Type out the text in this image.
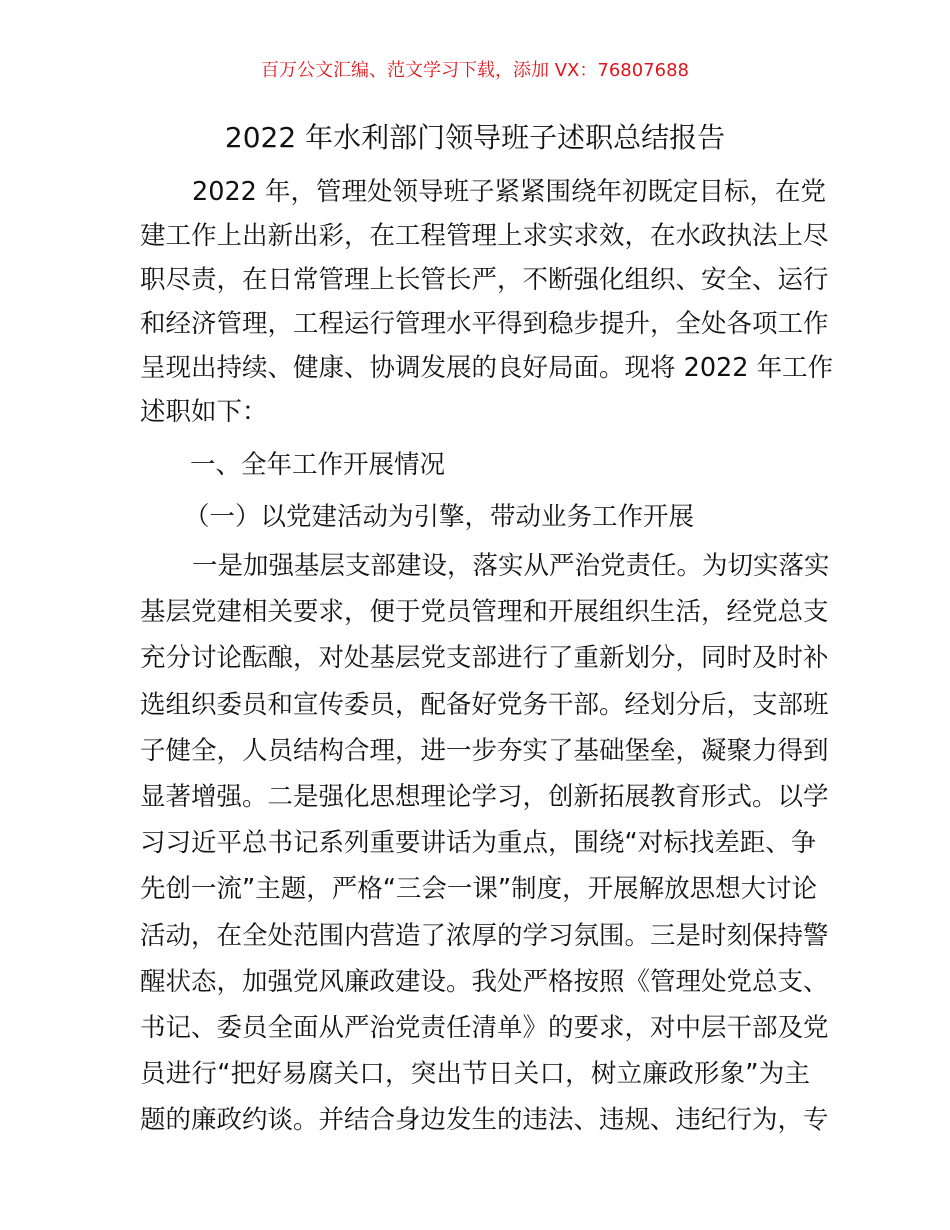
百万公文汇编、范文学习下载，添加 VX：76807688
2022 年水利部门领导班子述职总结报告
2022 年，管理处领导班子紧紧围绕年初既定目标，在党
建工作上出新出彩，在工程管理上求实求效，在水政执法上尽
职尽责，在日常管理上长管长严，不断强化组织、安全、运行
和经济管理，工程运行管理水平得到稳步提升，全处各项工作
呈现出持续、健康、协调发展的良好局面。现将 2022 年工作
述职如下：
一、全年工作开展情况
（一）以党建活动为引擎，带动业务工作开展
一是加强基层支部建设，落实从严治党责任。为切实落实
基层党建相关要求，便于党员管理和开展组织生活，经党总支
充分讨论酝酿，对处基层党支部进行了重新划分，同时及时补
选组织委员和宣传委员，配备好党务干部。经划分后，支部班
子健全，人员结构合理，进一步夯实了基础堡垒，凝聚力得到
显著增强。二是强化思想理论学习，创新拓展教育形式。以学
习习近平总书记系列重要讲话为重点，围绕“对标找差距、争
先创一流”主题，严格“三会一课”制度，开展解放思想大讨论
活动，在全处范围内营造了浓厚的学习氛围。三是时刻保持警
醒状态，加强党风廉政建设。我处严格按照《管理处党总支、
书记、委员全面从严治党责任清单》的要求，对中层干部及党
员进行“把好易腐关口，突出节日关口，树立廉政形象”为主
题的廉政约谈。并结合身边发生的违法、违规、违纪行为，专
